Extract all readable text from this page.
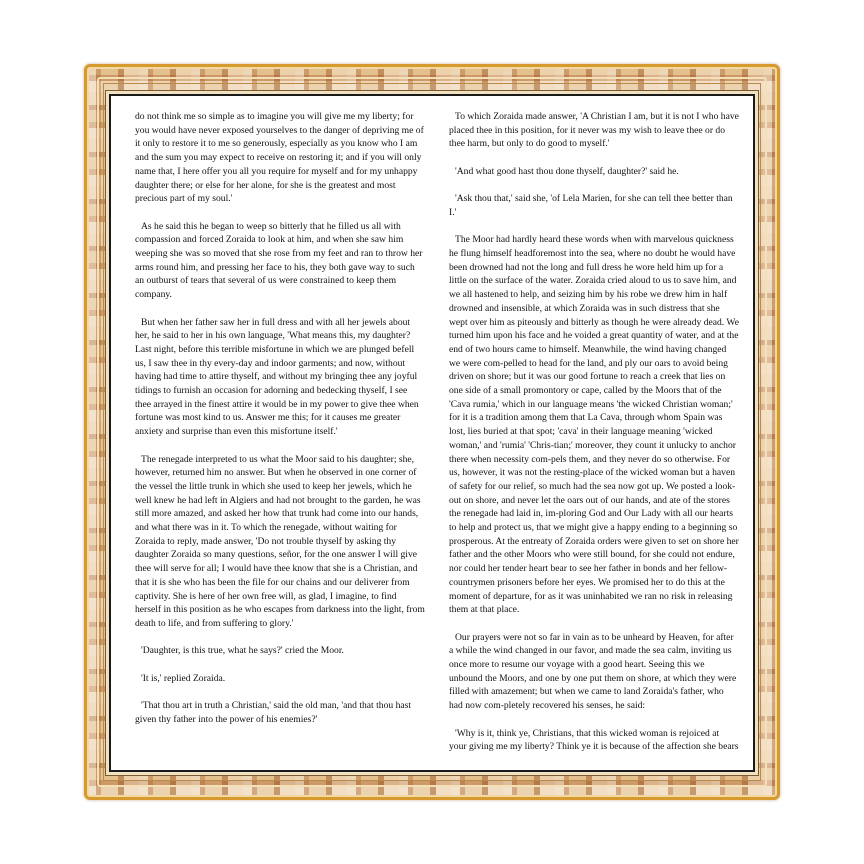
do not think me so simple as to imagine you will give me my liberty; for you would have never exposed yourselves to the danger of depriving me of it only to restore it to me so generously, especially as you know who I am and the sum you may expect to receive on restoring it; and if you will only name that, I here offer you all you require for myself and for my unhappy daughter there; or else for her alone, for she is the greatest and most precious part of my soul.'

As he said this he began to weep so bitterly that he filled us all with compassion and forced Zoraida to look at him, and when she saw him weeping she was so moved that she rose from my feet and ran to throw her arms round him, and pressing her face to his, they both gave way to such an outburst of tears that several of us were constrained to keep them company.

But when her father saw her in full dress and with all her jewels about her, he said to her in his own language, 'What means this, my daughter? Last night, before this terrible misfortune in which we are plunged befell us, I saw thee in thy every-day and indoor garments; and now, without having had time to attire thyself, and without my bringing thee any joyful tidings to furnish an occasion for adorning and bedecking thyself, I see thee arrayed in the finest attire it would be in my power to give thee when fortune was most kind to us. Answer me this; for it causes me greater anxiety and surprise than even this misfortune itself.'

The renegade interpreted to us what the Moor said to his daughter; she, however, returned him no answer. But when he observed in one corner of the vessel the little trunk in which she used to keep her jewels, which he well knew he had left in Algiers and had not brought to the garden, he was still more amazed, and asked her how that trunk had come into our hands, and what there was in it. To which the renegade, without waiting for Zoraida to reply, made answer, 'Do not trouble thyself by asking thy daughter Zoraida so many questions, señor, for the one answer I will give thee will serve for all; I would have thee know that she is a Christian, and that it is she who has been the file for our chains and our deliverer from captivity. She is here of her own free will, as glad, I imagine, to find herself in this position as he who escapes from darkness into the light, from death to life, and from suffering to glory.'

'Daughter, is this true, what he says?' cried the Moor.

'It is,' replied Zoraida.

'That thou art in truth a Christian,' said the old man, 'and that thou hast given thy father into the power of his enemies?'

To which Zoraida made answer, 'A Christian I am, but it is not I who have placed thee in this position, for it never was my wish to leave thee or do thee harm, but only to do good to myself.'

'And what good hast thou done thyself, daughter?' said he.

'Ask thou that,' said she, 'of Lela Marien, for she can tell thee better than I.'

The Moor had hardly heard these words when with marvelous quickness he flung himself headforemost into the sea, where no doubt he would have been drowned had not the long and full dress he wore held him up for a little on the surface of the water. Zoraida cried aloud to us to save him, and we all hastened to help, and seizing him by his robe we drew him in half drowned and insensible, at which Zoraida was in such distress that she wept over him as piteously and bitterly as though he were already dead. We turned him upon his face and he voided a great quantity of water, and at the end of two hours came to himself. Meanwhile, the wind having changed we were com-pelled to head for the land, and ply our oars to avoid being driven on shore; but it was our good fortune to reach a creek that lies on one side of a small promontory or cape, called by the Moors that of the 'Cava rumia,' which in our language means 'the wicked Christian woman;' for it is a tradition among them that La Cava, through whom Spain was lost, lies buried at that spot; 'cava' in their language meaning 'wicked woman,' and 'rumia' 'Chris-tian;' moreover, they count it unlucky to anchor there when necessity com-pels them, and they never do so otherwise. For us, however, it was not the resting-place of the wicked woman but a haven of safety for our relief, so much had the sea now got up. We posted a look-out on shore, and never let the oars out of our hands, and ate of the stores the renegade had laid in, im-ploring God and Our Lady with all our hearts to help and protect us, that we might give a happy ending to a beginning so prosperous. At the entreaty of Zoraida orders were given to set on shore her father and the other Moors who were still bound, for she could not endure, nor could her tender heart bear to see her father in bonds and her fellow-countrymen prisoners before her eyes. We promised her to do this at the moment of departure, for as it was uninhabited we ran no risk in releasing them at that place.

Our prayers were not so far in vain as to be unheard by Heaven, for after a while the wind changed in our favor, and made the sea calm, inviting us once more to resume our voyage with a good heart. Seeing this we unbound the Moors, and one by one put them on shore, at which they were filled with amazement; but when we came to land Zoraida's father, who had now com-pletely recovered his senses, he said:

'Why is it, think ye, Christians, that this wicked woman is rejoiced at your giving me my liberty? Think ye it is because of the affection she bears
